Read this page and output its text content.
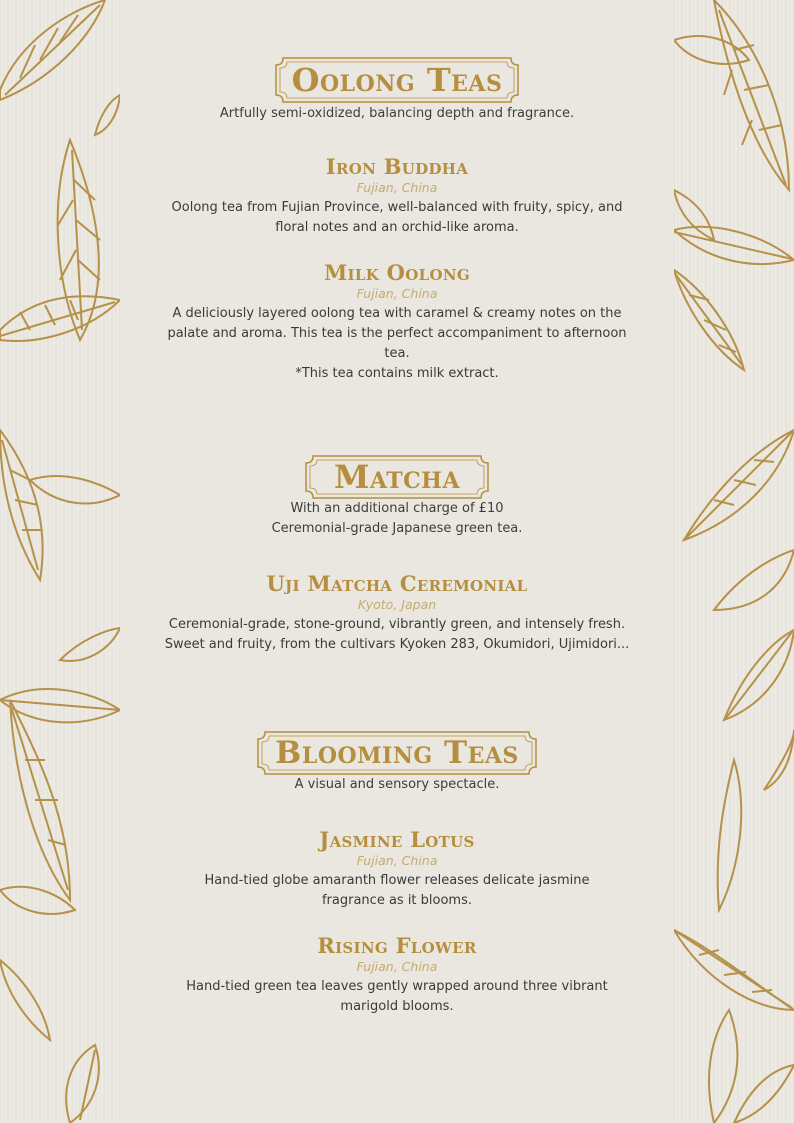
Oolong Teas
Artfully semi-oxidized, balancing depth and fragrance.
Iron Buddha
Fujian, China
Oolong tea from Fujian Province, well-balanced with fruity, spicy, and floral notes and an orchid-like aroma.
Milk Oolong
Fujian, China
A deliciously layered oolong tea with caramel & creamy notes on the palate and aroma. This tea is the perfect accompaniment to afternoon tea.
*This tea contains milk extract.
Matcha
With an additional charge of £10
Ceremonial-grade Japanese green tea.
Uji Matcha Ceremonial
Kyoto, Japan
Ceremonial-grade, stone-ground, vibrantly green, and intensely fresh. Sweet and fruity, from the cultivars Kyoken 283, Okumidori, Ujimidori...
Blooming Teas
A visual and sensory spectacle.
Jasmine Lotus
Fujian, China
Hand-tied globe amaranth flower releases delicate jasmine fragrance as it blooms.
Rising Flower
Fujian, China
Hand-tied green tea leaves gently wrapped around three vibrant marigold blooms.
